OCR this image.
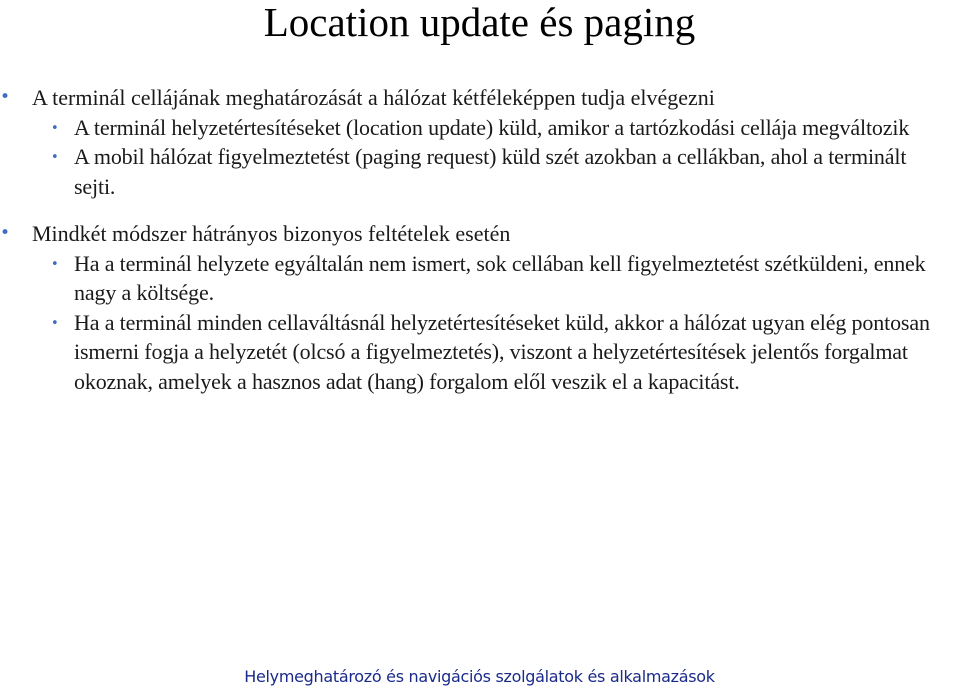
Location update és paging
• A terminál cellájának meghatározását a hálózat kétféleképpen tudja elvégezni
• A terminál helyzetértesítéseket (location update) küld, amikor a tartózkodási cellája megváltozik
• A mobil hálózat figyelmeztetést (paging request) küld szét azokban a cellákban, ahol a terminált sejti.
• Mindkét módszer hátrányos bizonyos feltételek esetén
• Ha a terminál helyzete egyáltalán nem ismert, sok cellában kell figyelmeztetést szétküldeni, ennek nagy a költsége.
• Ha a terminál minden cellaváltásnál helyzetértesítéseket küld, akkor a hálózat ugyan elég pontosan ismerni fogja a helyzetét (olcsó a figyelmeztetés), viszont a helyzetértesítések jelentős forgalmat okoznak, amelyek a hasznos adat (hang) forgalom elől veszik el a kapacitást.
Helymeghatározó és navigációs szolgálatok és alkalmazások
